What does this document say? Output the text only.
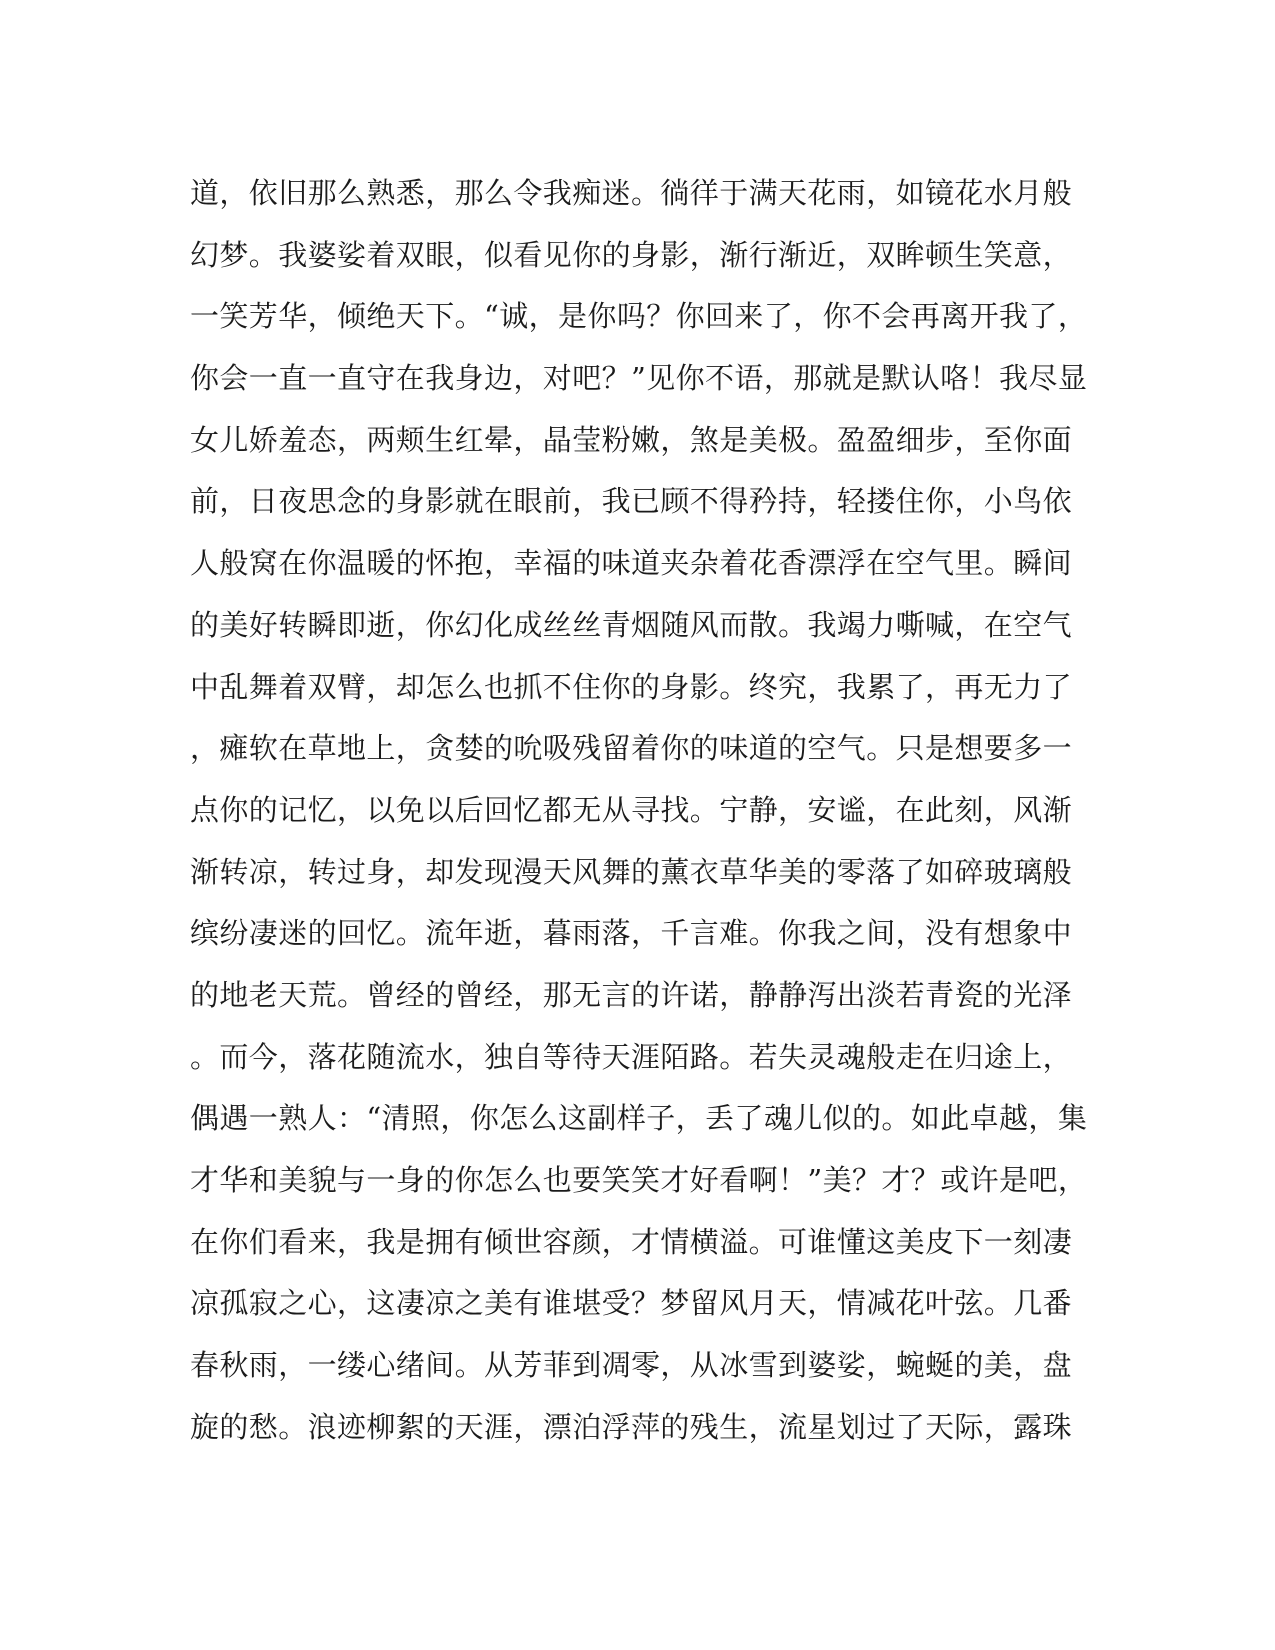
道，依旧那么熟悉，那么令我痴迷。徜徉于满天花雨，如镜花水月般
幻梦。我婆娑着双眼，似看见你的身影，渐行渐近，双眸顿生笑意，
一笑芳华，倾绝天下。“诚，是你吗？你回来了，你不会再离开我了，
你会一直一直守在我身边，对吧？”见你不语，那就是默认咯！我尽显
女儿娇羞态，两颊生红晕，晶莹粉嫩，煞是美极。盈盈细步，至你面
前，日夜思念的身影就在眼前，我已顾不得矜持，轻搂住你，小鸟依
人般窝在你温暖的怀抱，幸福的味道夹杂着花香漂浮在空气里。瞬间
的美好转瞬即逝，你幻化成丝丝青烟随风而散。我竭力嘶喊，在空气
中乱舞着双臂，却怎么也抓不住你的身影。终究，我累了，再无力了
，瘫软在草地上，贪婪的吮吸残留着你的味道的空气。只是想要多一
点你的记忆，以免以后回忆都无从寻找。宁静，安谧，在此刻，风渐
渐转凉，转过身，却发现漫天风舞的薰衣草华美的零落了如碎玻璃般
缤纷凄迷的回忆。流年逝，暮雨落，千言难。你我之间，没有想象中
的地老天荒。曾经的曾经，那无言的许诺，静静泻出淡若青瓷的光泽
。而今，落花随流水，独自等待天涯陌路。若失灵魂般走在归途上，
偶遇一熟人：“清照，你怎么这副样子，丢了魂儿似的。如此卓越，集
才华和美貌与一身的你怎么也要笑笑才好看啊！”美？才？或许是吧，
在你们看来，我是拥有倾世容颜，才情横溢。可谁懂这美皮下一刻凄
凉孤寂之心，这凄凉之美有谁堪受？梦留风月天，情减花叶弦。几番
春秋雨，一缕心绪间。从芳菲到凋零，从冰雪到婆娑，蜿蜒的美，盘
旋的愁。浪迹柳絮的天涯，漂泊浮萍的残生，流星划过了天际，露珠
